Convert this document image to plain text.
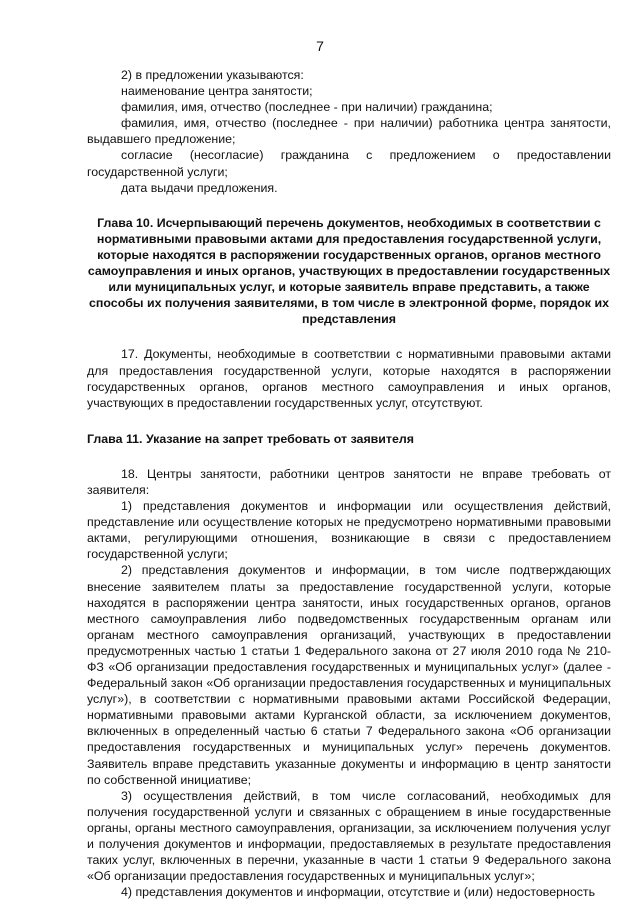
7

2) в предложении указываются:

наименование центра занятости;

фамилия, имя, отчество (последнее - при наличии) гражданина;

фамилия, имя, отчество (последнее - при наличии) работника центра занятости, выдавшего предложение;

согласие (несогласие) гражданина с предложением о предоставлении государственной услуги;

дата выдачи предложения.

Глава 10. Исчерпывающий перечень документов, необходимых в соответствии с нормативными правовыми актами для предоставления государственной услуги, которые находятся в распоряжении государственных органов, органов местного самоуправления и иных органов, участвующих в предоставлении государственных или муниципальных услуг, и которые заявитель вправе представить, а также способы их получения заявителями, в том числе в электронной форме, порядок их представления

17. Документы, необходимые в соответствии с нормативными правовыми актами для предоставления государственной услуги, которые находятся в распоряжении государственных органов, органов местного самоуправления и иных органов, участвующих в предоставлении государственных услуг, отсутствуют.

Глава 11. Указание на запрет требовать от заявителя

18. Центры занятости, работники центров занятости не вправе требовать от заявителя:

1) представления документов и информации или осуществления действий, представление или осуществление которых не предусмотрено нормативными правовыми актами, регулирующими отношения, возникающие в связи с предоставлением государственной услуги;

2) представления документов и информации, в том числе подтверждающих внесение заявителем платы за предоставление государственной услуги, которые находятся в распоряжении центра занятости, иных государственных органов, органов местного самоуправления либо подведомственных государственным органам или органам местного самоуправления организаций, участвующих в предоставлении предусмотренных частью 1 статьи 1 Федерального закона от 27 июля 2010 года № 210-ФЗ «Об организации предоставления государственных и муниципальных услуг» (далее - Федеральный закон «Об организации предоставления государственных и муниципальных услуг»), в соответствии с нормативными правовыми актами Российской Федерации, нормативными правовыми актами Курганской области, за исключением документов, включенных в определенный частью 6 статьи 7 Федерального закона «Об организации предоставления государственных и муниципальных услуг» перечень документов. Заявитель вправе представить указанные документы и информацию в центр занятости по собственной инициативе;

3) осуществления действий, в том числе согласований, необходимых для получения государственной услуги и связанных с обращением в иные государственные органы, органы местного самоуправления, организации, за исключением получения услуг и получения документов и информации, предоставляемых в результате предоставления таких услуг, включенных в перечни, указанные в части 1 статьи 9 Федерального закона «Об организации предоставления государственных и муниципальных услуг»;

4) представления документов и информации, отсутствие и (или) недостоверность
